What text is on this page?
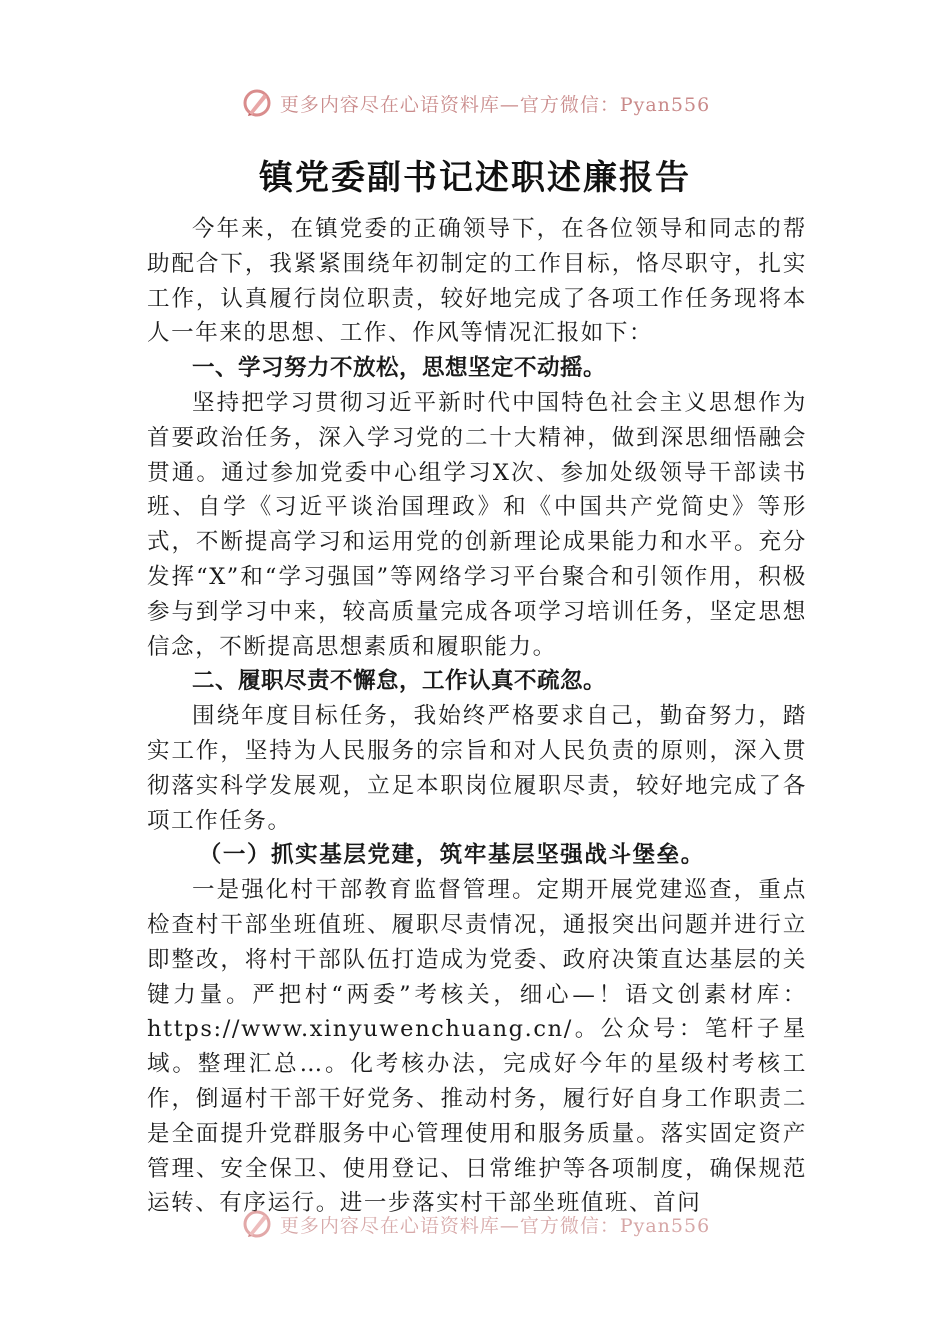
更多内容尽在心语资料库—官方微信：Pyan556
镇党委副书记述职述廉报告

今年来，在镇党委的正确领导下，在各位领导和同志的帮助配合下，我紧紧围绕年初制定的工作目标，恪尽职守，扎实工作，认真履行岗位职责，较好地完成了各项工作任务现将本人一年来的思想、工作、作风等情况汇报如下：

一、学习努力不放松，思想坚定不动摇。

坚持把学习贯彻习近平新时代中国特色社会主义思想作为首要政治任务，深入学习党的二十大精神，做到深思细悟融会贯通。通过参加党委中心组学习X次、参加处级领导干部读书班、自学《习近平谈治国理政》和《中国共产党简史》等形式，不断提高学习和运用党的创新理论成果能力和水平。充分发挥“X”和“学习强国”等网络学习平台聚合和引领作用，积极参与到学习中来，较高质量完成各项学习培训任务，坚定思想信念，不断提高思想素质和履职能力。

二、履职尽责不懈怠，工作认真不疏忽。

围绕年度目标任务，我始终严格要求自己，勤奋努力，踏实工作，坚持为人民服务的宗旨和对人民负责的原则，深入贯彻落实科学发展观，立足本职岗位履职尽责，较好地完成了各项工作任务。

（一）抓实基层党建，筑牢基层坚强战斗堡垒。

一是强化村干部教育监督管理。定期开展党建巡查，重点检查村干部坐班值班、履职尽责情况，通报突出问题并进行立即整改，将村干部队伍打造成为党委、政府决策直达基层的关键力量。严把村“两委”考核关，细心—！语文创素材库：https://www.xinyuwenchuang.cn/。公众号：笔杆子星域。整理汇总…。化考核办法，完成好今年的星级村考核工作，倒逼村干部干好党务、推动村务，履行好自身工作职责二是全面提升党群服务中心管理使用和服务质量。落实固定资产管理、安全保卫、使用登记、日常维护等各项制度，确保规范运转、有序运行。进一步落实村干部坐班值班、首问

更多内容尽在心语资料库—官方微信：Pyan556
